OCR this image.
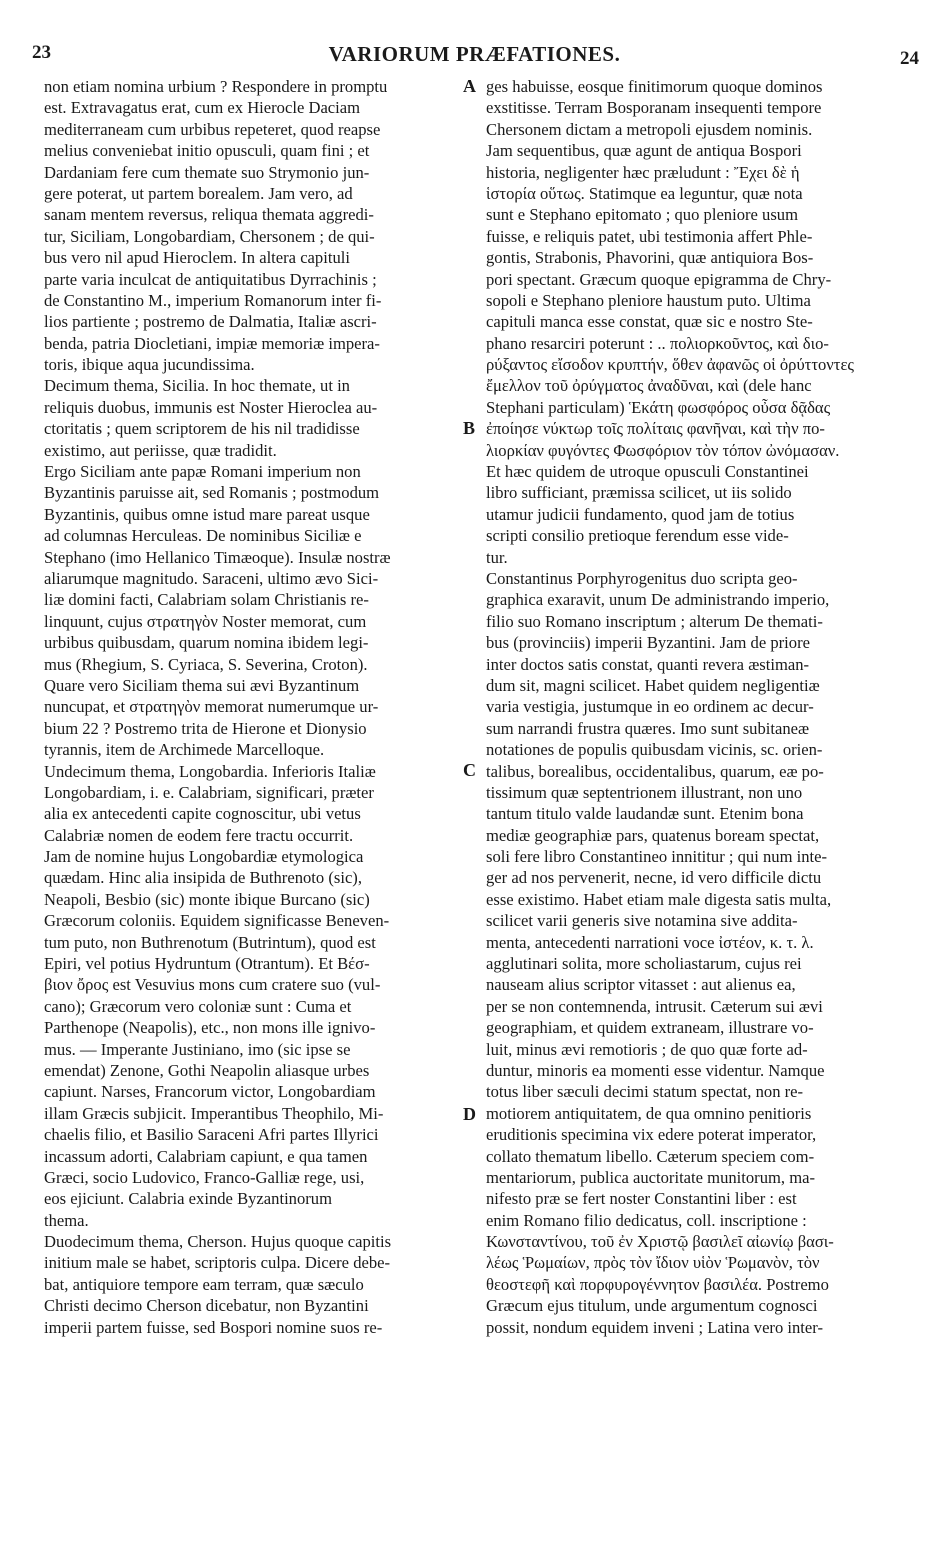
23	VARIORUM PRÆFATIONES.	24
A
B
C
D
non etiam nomina urbium ? Respondere in promptu
est. Extravagatus erat, cum ex Hierocle Daciam
mediterraneam cum urbibus repeteret, quod reapse
melius conveniebat initio opusculi, quam fini ; et
Dardaniam fere cum themate suo Strymonio jun-
gere poterat, ut partem borealem. Jam vero, ad
sanam mentem reversus, reliqua themata aggredi-
tur, Siciliam, Longobardiam, Chersonem ; de qui-
bus vero nil apud Hieroclem. In altera capituli
parte varia inculcat de antiquitatibus Dyrrachinis ;
de Constantino M., imperium Romanorum inter fi-
lios partiente ; postremo de Dalmatia, Italiæ ascri-
benda, patria Diocletiani, impiæ memoriæ impera-
toris, ibique aqua jucundissima.
Decimum thema, Sicilia. In hoc themate, ut in
reliquis duobus, immunis est Noster Hieroclea au-
ctoritatis ; quem scriptorem de his nil tradidisse
existimo, aut periisse, quæ tradidit.
Ergo Siciliam ante papæ Romani imperium non
Byzantinis paruisse ait, sed Romanis ; postmodum
Byzantinis, quibus omne istud mare pareat usque
ad columnas Herculeas. De nominibus Siciliæ e
Stephano (imo Hellanico Timæoque). Insulæ nostræ
aliarumque magnitudo. Saraceni, ultimo ævo Sici-
liæ domini facti, Calabriam solam Christianis re-
linquunt, cujus στρατηγὸν Noster memorat, cum
urbibus quibusdam, quarum nomina ibidem legi-
mus (Rhegium, S. Cyriaca, S. Severina, Croton).
Quare vero Siciliam thema sui ævi Byzantinum
nuncupat, et στρατηγὸν memorat numerumque ur-
bium 22 ? Postremo trita de Hierone et Dionysio
tyrannis, item de Archimede Marcelloque.
Undecimum thema, Longobardia. Inferioris Italiæ
Longobardiam, i. e. Calabriam, significari, præter
alia ex antecedenti capite cognoscitur, ubi vetus
Calabriæ nomen de eodem fere tractu occurrit.
Jam de nomine hujus Longobardiæ etymologica
quædam. Hinc alia insipida de Buthrenoto (sic),
Neapoli, Besbio (sic) monte ibique Burcano (sic)
Græcorum coloniis. Equidem significasse Beneven-
tum puto, non Buthrenotum (Butrintum), quod est
Epiri, vel potius Hydruntum (Otrantum). Et Βέσ-
βιον ὄρος est Vesuvius mons cum cratere suo (vul-
cano); Græcorum vero coloniæ sunt : Cuma et
Parthenope (Neapolis), etc., non mons ille ignivo-
mus. — Imperante Justiniano, imo (sic ipse se
emendat) Zenone, Gothi Neapolin aliasque urbes
capiunt. Narses, Francorum victor, Longobardiam
illam Græcis subjicit. Imperantibus Theophilo, Mi-
chaelis filio, et Basilio Saraceni Afri partes Illyrici
incassum adorti, Calabriam capiunt, e qua tamen
Græci, socio Ludovico, Franco-Galliæ rege, usi,
eos ejiciunt. Calabria exinde Byzantinorum
thema.
Duodecimum thema, Cherson. Hujus quoque capitis
initium male se habet, scriptoris culpa. Dicere debe-
bat, antiquiore tempore eam terram, quæ sæculo
Christi decimo Cherson dicebatur, non Byzantini
imperii partem fuisse, sed Bospori nomine suos re-
ges habuisse, eosque finitimorum quoque dominos
exstitisse. Terram Bosporanam insequenti tempore
Chersonem dictam a metropoli ejusdem nominis.
Jam sequentibus, quæ agunt de antiqua Bospori
historia, negligenter hæc præludunt : Ἔχει δὲ ἡ
ἱστορία οὕτως. Statimque ea leguntur, quæ nota
sunt e Stephano epitomato ; quo pleniore usum
fuisse, e reliquis patet, ubi testimonia affert Phle-
gontis, Strabonis, Phavorini, quæ antiquiora Bos-
pori spectant. Græcum quoque epigramma de Chry-
sopoli e Stephano pleniore haustum puto. Ultima
capituli manca esse constat, quæ sic e nostro Ste-
phano resarciri poterunt : .. πολιορκοῦντος, καὶ διο-
ρύξαντος εἴσοδον κρυπτήν, ὅθεν ἀφανῶς οἱ ὀρύττοντες
ἔμελλον τοῦ ὀρύγματος ἀναδῦναι, καὶ (dele hanc
Stephani particulam) Ἑκάτη φωσφόρος οὖσα δᾷδας
ἐποίησε νύκτωρ τοῖς πολίταις φανῆναι, καὶ τὴν πο-
λιορκίαν φυγόντες Φωσφόριον τὸν τόπον ὠνόμασαν.
Et hæc quidem de utroque opusculi Constantinei
libro sufficiant, præmissa scilicet, ut iis solido
utamur judicii fundamento, quod jam de totius
scripti consilio pretioque ferendum esse vide-
tur.
Constantinus Porphyrogenitus duo scripta geo-
graphica exaravit, unum De administrando imperio,
filio suo Romano inscriptum ; alterum De themati-
bus (provinciis) imperii Byzantini. Jam de priore
inter doctos satis constat, quanti revera æstiman-
dum sit, magni scilicet. Habet quidem negligentiæ
varia vestigia, justumque in eo ordinem ac decur-
sum narrandi frustra quæres. Imo sunt subitaneæ
notationes de populis quibusdam vicinis, sc. orien-
talibus, borealibus, occidentalibus, quarum, eæ po-
tissimum quæ septentrionem illustrant, non uno
tantum titulo valde laudandæ sunt. Etenim bona
mediæ geographiæ pars, quatenus boream spectat,
soli fere libro Constantineo innititur ; qui num inte-
ger ad nos pervenerit, necne, id vero difficile dictu
esse existimo. Habet etiam male digesta satis multa,
scilicet varii generis sive notamina sive addita-
menta, antecedenti narrationi voce ἰστέον, κ. τ. λ.
agglutinari solita, more scholiastarum, cujus rei
nauseam alius scriptor vitasset : aut alienus ea,
per se non contemnenda, intrusit. Cæterum sui ævi
geographiam, et quidem extraneam, illustrare vo-
luit, minus ævi remotioris ; de quo quæ forte ad-
duntur, minoris ea momenti esse videntur. Namque
totus liber sæculi decimi statum spectat, non re-
motiorem antiquitatem, de qua omnino penitioris
eruditionis specimina vix edere poterat imperator,
collato thematum libello. Cæterum speciem com-
mentariorum, publica auctoritate munitorum, ma-
nifesto præ se fert noster Constantini liber : est
enim Romano filio dedicatus, coll. inscriptione :
Κωνσταντίνου, τοῦ ἐν Χριστῷ βασιλεῖ αἰωνίῳ βασι-
λέως Ῥωμαίων, πρὸς τὸν ἴδιον υἱὸν Ῥωμανὸν, τὸν
θεοστεφῆ καὶ πορφυρογέννητον βασιλέα. Postremo
Græcum ejus titulum, unde argumentum cognosci
possit, nondum equidem inveni ; Latina vero inter-
